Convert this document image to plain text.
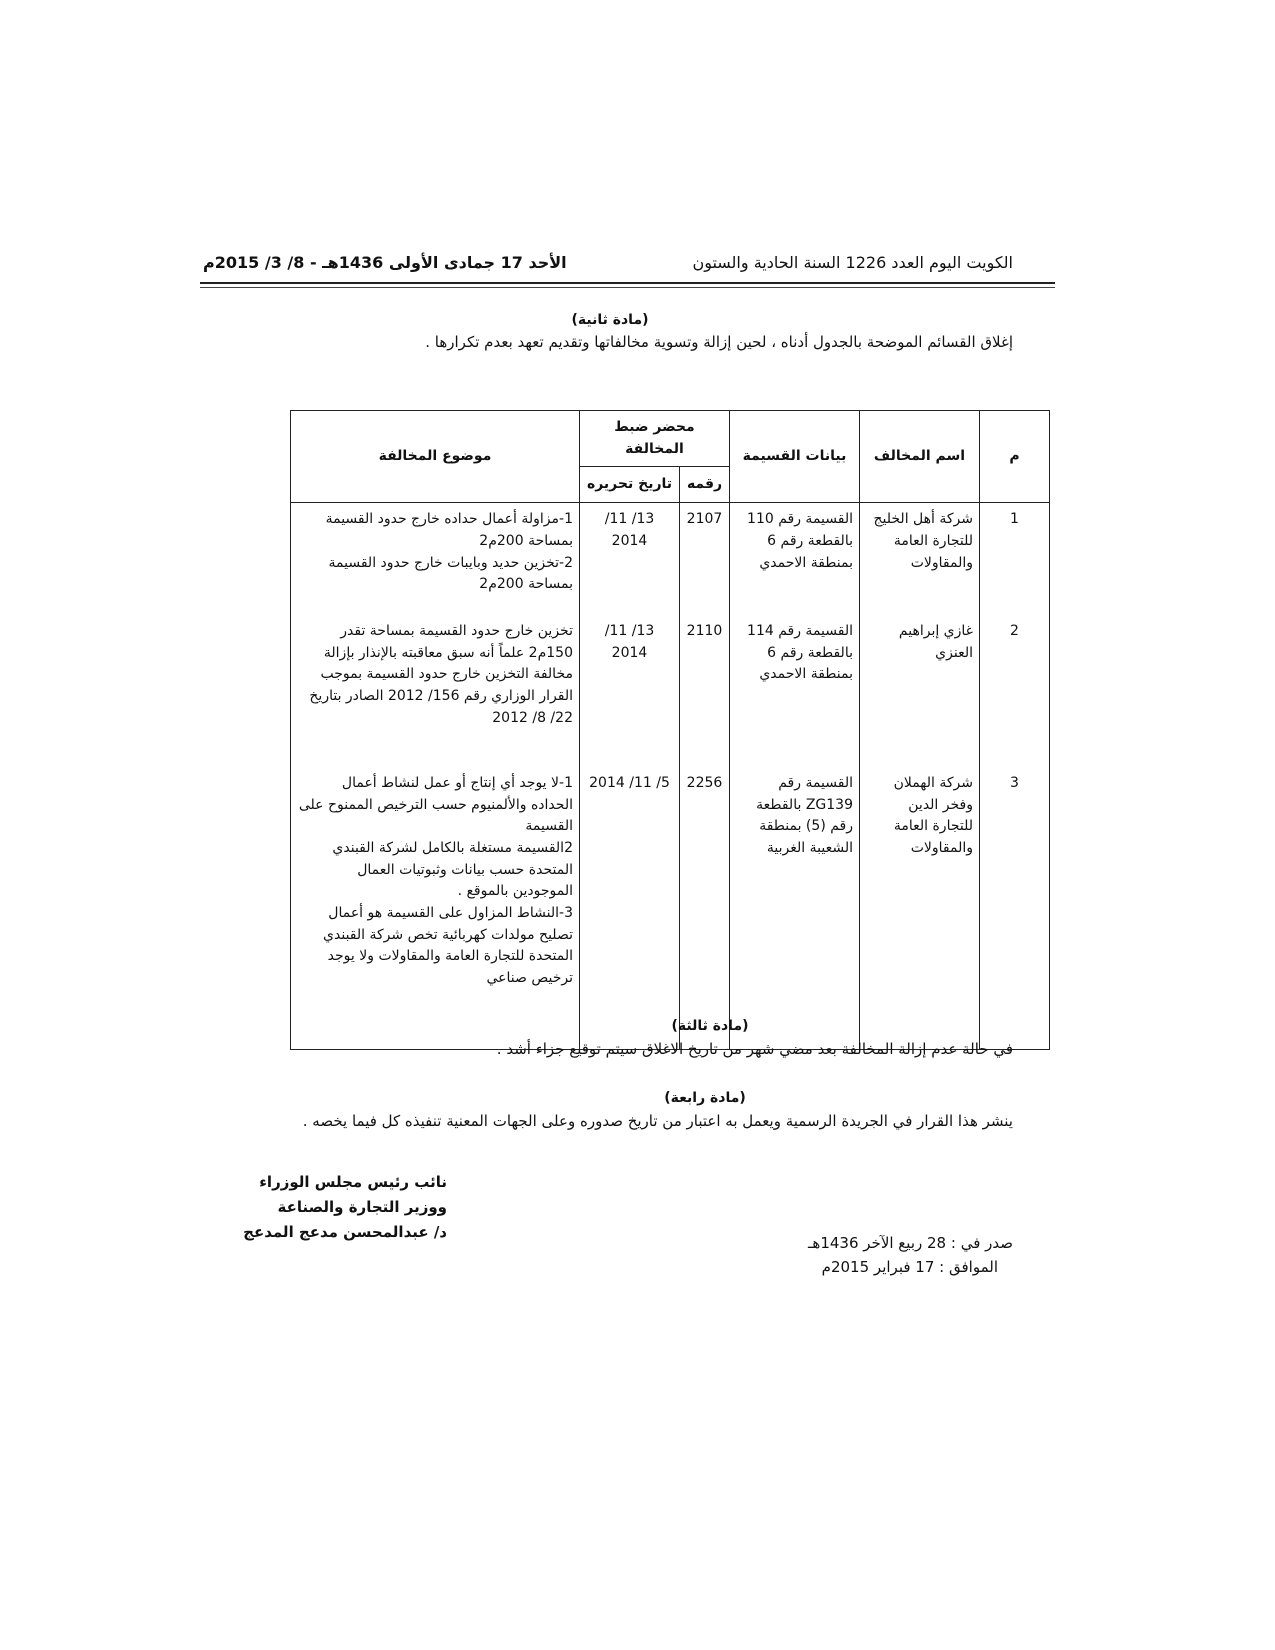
الكويت اليوم العدد 1226 السنة الحادية والستون
الأحد 17 جمادى الأولى 1436هـ - 8/ 3/ 2015م
(مادة ثانية)
إغلاق القسائم الموضحة بالجدول أدناه ، لحين إزالة وتسوية مخالفاتها وتقديم تعهد بعدم تكرارها .
م	اسم المخالف	بيانات القسيمة	محضر ضبط المخالفة		موضوع المخالفة
			رقمه	تاريخ تحريره	
1	شركة أهل الخليج للتجارة العامة والمقاولات	القسيمة رقم 110 بالقطعة رقم 6 بمنطقة الاحمدي	2107	13/ 11/ 2014	1-مزاولة أعمال حداده خارج حدود القسيمة بمساحة 200م2
2-تخزين حديد وبايبات خارج حدود القسيمة بمساحة 200م2

2	غازي إبراهيم العنزي	القسيمة رقم 114 بالقطعة رقم 6 بمنطقة الاحمدي	2110	13/ 11/ 2014	تخزين خارج حدود القسيمة بمساحة تقدر 150م2 علماً أنه سبق معاقبته بالإنذار بإزالة مخالفة التخزين خارج حدود القسيمة بموجب القرار الوزاري رقم 156/ 2012 الصادر بتاريخ 22/ 8/ 2012

3	شركة الهملان وفخر الدين للتجارة العامة والمقاولات	القسيمة رقم ZG139 بالقطعة رقم (5) بمنطقة الشعيبة الغربية	2256	5/ 11/ 2014	1-لا يوجد أي إنتاج أو عمل لنشاط أعمال الحداده والألمنيوم حسب الترخيص الممنوح على القسيمة
2القسيمة مستغلة بالكامل لشركة القبندي المتحدة حسب بيانات وثبوتيات العمال الموجودين بالموقع .
3-النشاط المزاول على القسيمة هو أعمال تصليح مولدات كهربائية تخص شركة القبندي المتحدة للتجارة العامة والمقاولات ولا يوجد ترخيص صناعي
(مادة ثالثة)
في حالة عدم إزالة المخالفة بعد مضي شهر من تاريخ الاغلاق سيتم توقيع جزاء أشد .
(مادة رابعة)
ينشر هذا القرار في الجريدة الرسمية ويعمل به اعتبار من تاريخ صدوره وعلى الجهات المعنية تنفيذه كل فيما يخصه .
نائب رئيس مجلس الوزراء
ووزير التجارة والصناعة
د/ عبدالمحسن مدعج المدعج
صدر في : 28 ربيع الآخر 1436هـ
الموافق : 17 فبراير 2015م
